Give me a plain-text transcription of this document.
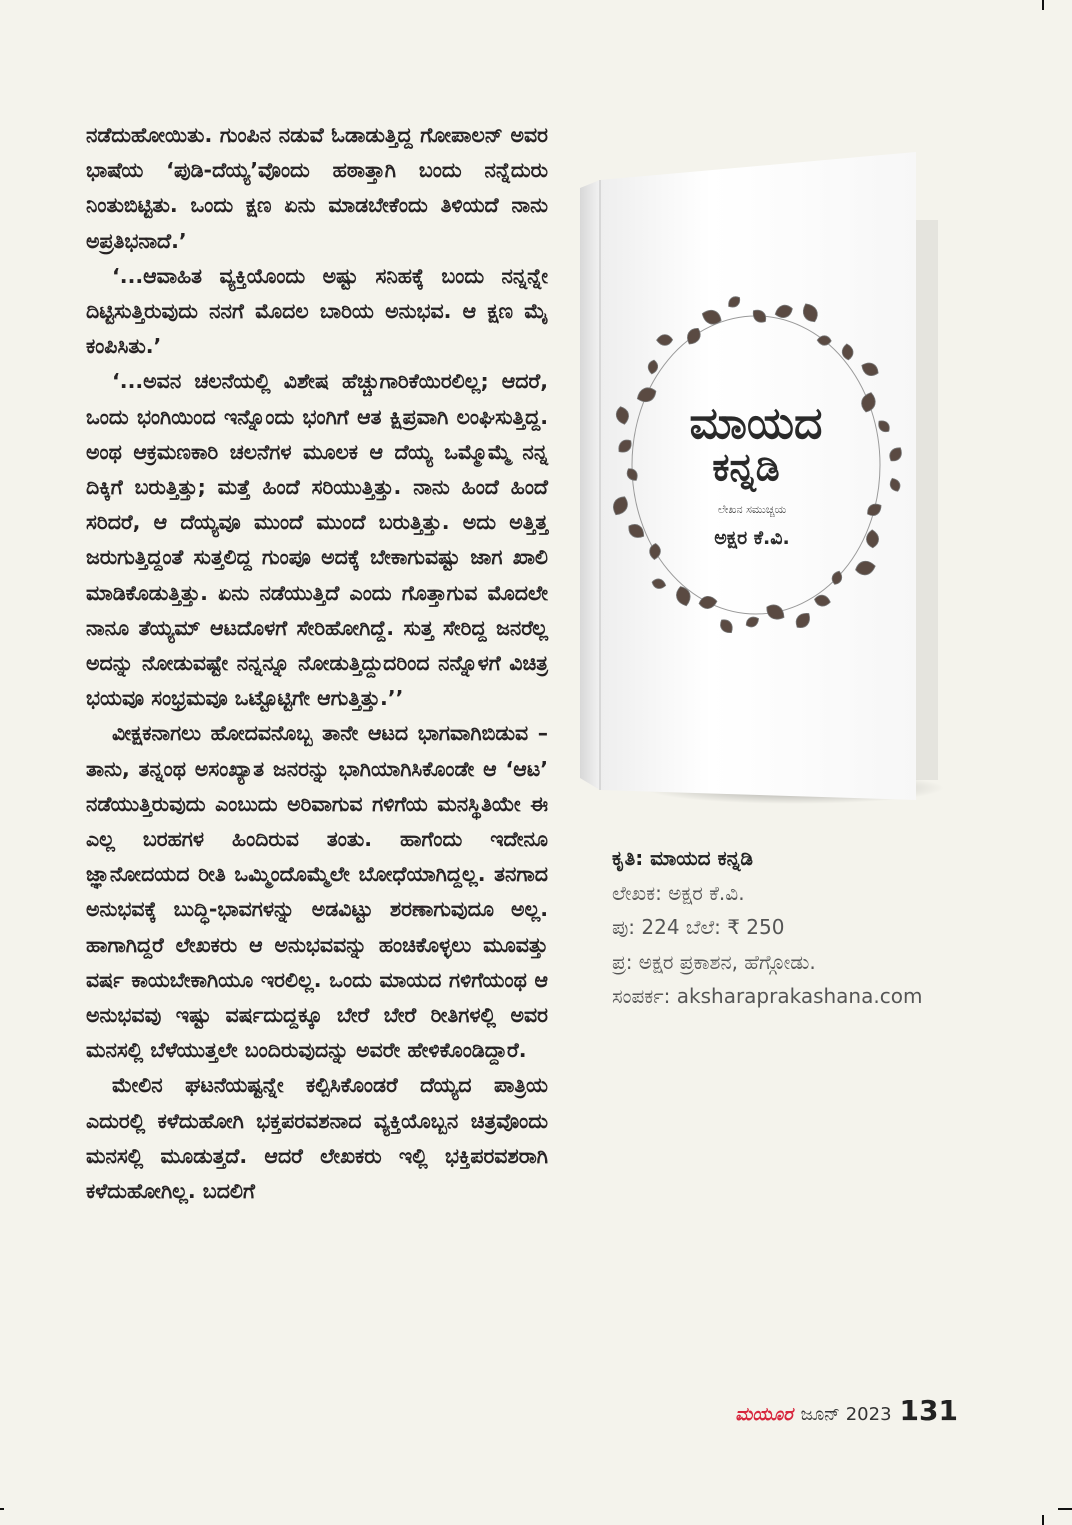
ನಡೆದುಹೋಯಿತು. ಗುಂಪಿನ ನಡುವೆ ಓಡಾಡುತ್ತಿದ್ದ ಗೋಪಾಲನ್ ಅವರ ಭಾಷೆಯ ‘ಪುಡಿ-ದೆಯ್ಯ’ವೊಂದು ಹಠಾತ್ತಾಗಿ ಬಂದು ನನ್ನೆದುರು ನಿಂತುಬಿಟ್ಟಿತು. ಒಂದು ಕ್ಷಣ ಏನು ಮಾಡಬೇಕೆಂದು ತಿಳಿಯದೆ ನಾನು ಅಪ್ರತಿಭನಾದೆ.’

‘...ಆವಾಹಿತ ವ್ಯಕ್ತಿಯೊಂದು ಅಷ್ಟು ಸನಿಹಕ್ಕೆ ಬಂದು ನನ್ನನ್ನೇ ದಿಟ್ಟಿಸುತ್ತಿರುವುದು ನನಗೆ ಮೊದಲ ಬಾರಿಯ ಅನುಭವ. ಆ ಕ್ಷಣ ಮೈ ಕಂಪಿಸಿತು.’

‘...ಅವನ ಚಲನೆಯಲ್ಲಿ ವಿಶೇಷ ಹೆಚ್ಚುಗಾರಿಕೆಯಿರಲಿಲ್ಲ; ಆದರೆ, ಒಂದು ಭಂಗಿಯಿಂದ ಇನ್ನೊಂದು ಭಂಗಿಗೆ ಆತ ಕ್ಷಿಪ್ರವಾಗಿ ಲಂಘಿಸುತ್ತಿದ್ದ. ಅಂಥ ಆಕ್ರಮಣಕಾರಿ ಚಲನೆಗಳ ಮೂಲಕ ಆ ದೆಯ್ಯ ಒಮ್ಮೊಮ್ಮೆ ನನ್ನ ದಿಕ್ಕಿಗೆ ಬರುತ್ತಿತ್ತು; ಮತ್ತೆ ಹಿಂದೆ ಸರಿಯುತ್ತಿತ್ತು. ನಾನು ಹಿಂದೆ ಹಿಂದೆ ಸರಿದರೆ, ಆ ದೆಯ್ಯವೂ ಮುಂದೆ ಮುಂದೆ ಬರುತ್ತಿತ್ತು. ಅದು ಅತ್ತಿತ್ತ ಜರುಗುತ್ತಿದ್ದಂತೆ ಸುತ್ತಲಿದ್ದ ಗುಂಪೂ ಅದಕ್ಕೆ ಬೇಕಾಗುವಷ್ಟು ಜಾಗ ಖಾಲಿ ಮಾಡಿಕೊಡುತ್ತಿತ್ತು. ಏನು ನಡೆಯುತ್ತಿದೆ ಎಂದು ಗೊತ್ತಾಗುವ ಮೊದಲೇ ನಾನೂ ತೆಯ್ಯಮ್ ಆಟದೊಳಗೆ ಸೇರಿಹೋಗಿದ್ದೆ. ಸುತ್ತ ಸೇರಿದ್ದ ಜನರೆಲ್ಲ ಅದನ್ನು ನೋಡುವಷ್ಟೇ ನನ್ನನ್ನೂ ನೋಡುತ್ತಿದ್ದುದರಿಂದ ನನ್ನೊಳಗೆ ವಿಚಿತ್ರ ಭಯವೂ ಸಂಭ್ರಮವೂ ಒಟ್ಟೊಟ್ಟಿಗೇ ಆಗುತ್ತಿತ್ತು.’’

ವೀಕ್ಷಕನಾಗಲು ಹೋದವನೊಬ್ಬ ತಾನೇ ಆಟದ ಭಾಗವಾಗಿಬಿಡುವ – ತಾನು, ತನ್ನಂಥ ಅಸಂಖ್ಯಾತ ಜನರನ್ನು ಭಾಗಿಯಾಗಿಸಿಕೊಂಡೇ ಆ ‘ಆಟ’ ನಡೆಯುತ್ತಿರುವುದು ಎಂಬುದು ಅರಿವಾಗುವ ಗಳಿಗೆಯ ಮನಸ್ಥಿತಿಯೇ ಈ ಎಲ್ಲ ಬರಹಗಳ ಹಿಂದಿರುವ ತಂತು. ಹಾಗೆಂದು ಇದೇನೂ ಜ್ಞಾನೋದಯದ ರೀತಿ ಒಮ್ಮಿಂದೊಮ್ಮೆಲೇ ಬೋಧೆಯಾಗಿದ್ದಲ್ಲ. ತನಗಾದ ಅನುಭವಕ್ಕೆ ಬುದ್ಧಿ-ಭಾವಗಳನ್ನು ಅಡವಿಟ್ಟು ಶರಣಾಗುವುದೂ ಅಲ್ಲ. ಹಾಗಾಗಿದ್ದರೆ ಲೇಖಕರು ಆ ಅನುಭವವನ್ನು ಹಂಚಿಕೊಳ್ಳಲು ಮೂವತ್ತು ವರ್ಷ ಕಾಯಬೇಕಾಗಿಯೂ ಇರಲಿಲ್ಲ. ಒಂದು ಮಾಯದ ಗಳಿಗೆಯಂಥ ಆ ಅನುಭವವು ಇಷ್ಟು ವರ್ಷದುದ್ದಕ್ಕೂ ಬೇರೆ ಬೇರೆ ರೀತಿಗಳಲ್ಲಿ ಅವರ ಮನಸಲ್ಲಿ ಬೆಳೆಯುತ್ತಲೇ ಬಂದಿರುವುದನ್ನು ಅವರೇ ಹೇಳಿಕೊಂಡಿದ್ದಾರೆ.

ಮೇಲಿನ ಘಟನೆಯಷ್ಟನ್ನೇ ಕಲ್ಪಿಸಿಕೊಂಡರೆ ದೆಯ್ಯದ ಪಾತ್ರಿಯ ಎದುರಲ್ಲಿ ಕಳೆದುಹೋಗಿ ಭಕ್ತಪರವಶನಾದ ವ್ಯಕ್ತಿಯೊಬ್ಬನ ಚಿತ್ರವೊಂದು ಮನಸಲ್ಲಿ ಮೂಡುತ್ತದೆ. ಆದರೆ ಲೇಖಕರು ಇಲ್ಲಿ ಭಕ್ತಿಪರವಶರಾಗಿ ಕಳೆದುಹೋಗಿಲ್ಲ. ಬದಲಿಗೆ

ಮಾಯದ
ಕನ್ನಡಿ
ಲೇಖನ ಸಮುಚ್ಚಯ
ಅಕ್ಷರ ಕೆ.ವಿ.
ಕೃತಿ: ಮಾಯದ ಕನ್ನಡಿ
ಲೇಖಕ: ಅಕ್ಷರ ಕೆ.ವಿ.
ಪು: 224 ಬೆಲೆ: ₹ 250
ಪ್ರ: ಅಕ್ಷರ ಪ್ರಕಾಶನ, ಹೆಗ್ಗೋಡು.
ಸಂಪರ್ಕ: aksharaprakashana.com
ಮಯೂರ ಜೂನ್ 2023 131
